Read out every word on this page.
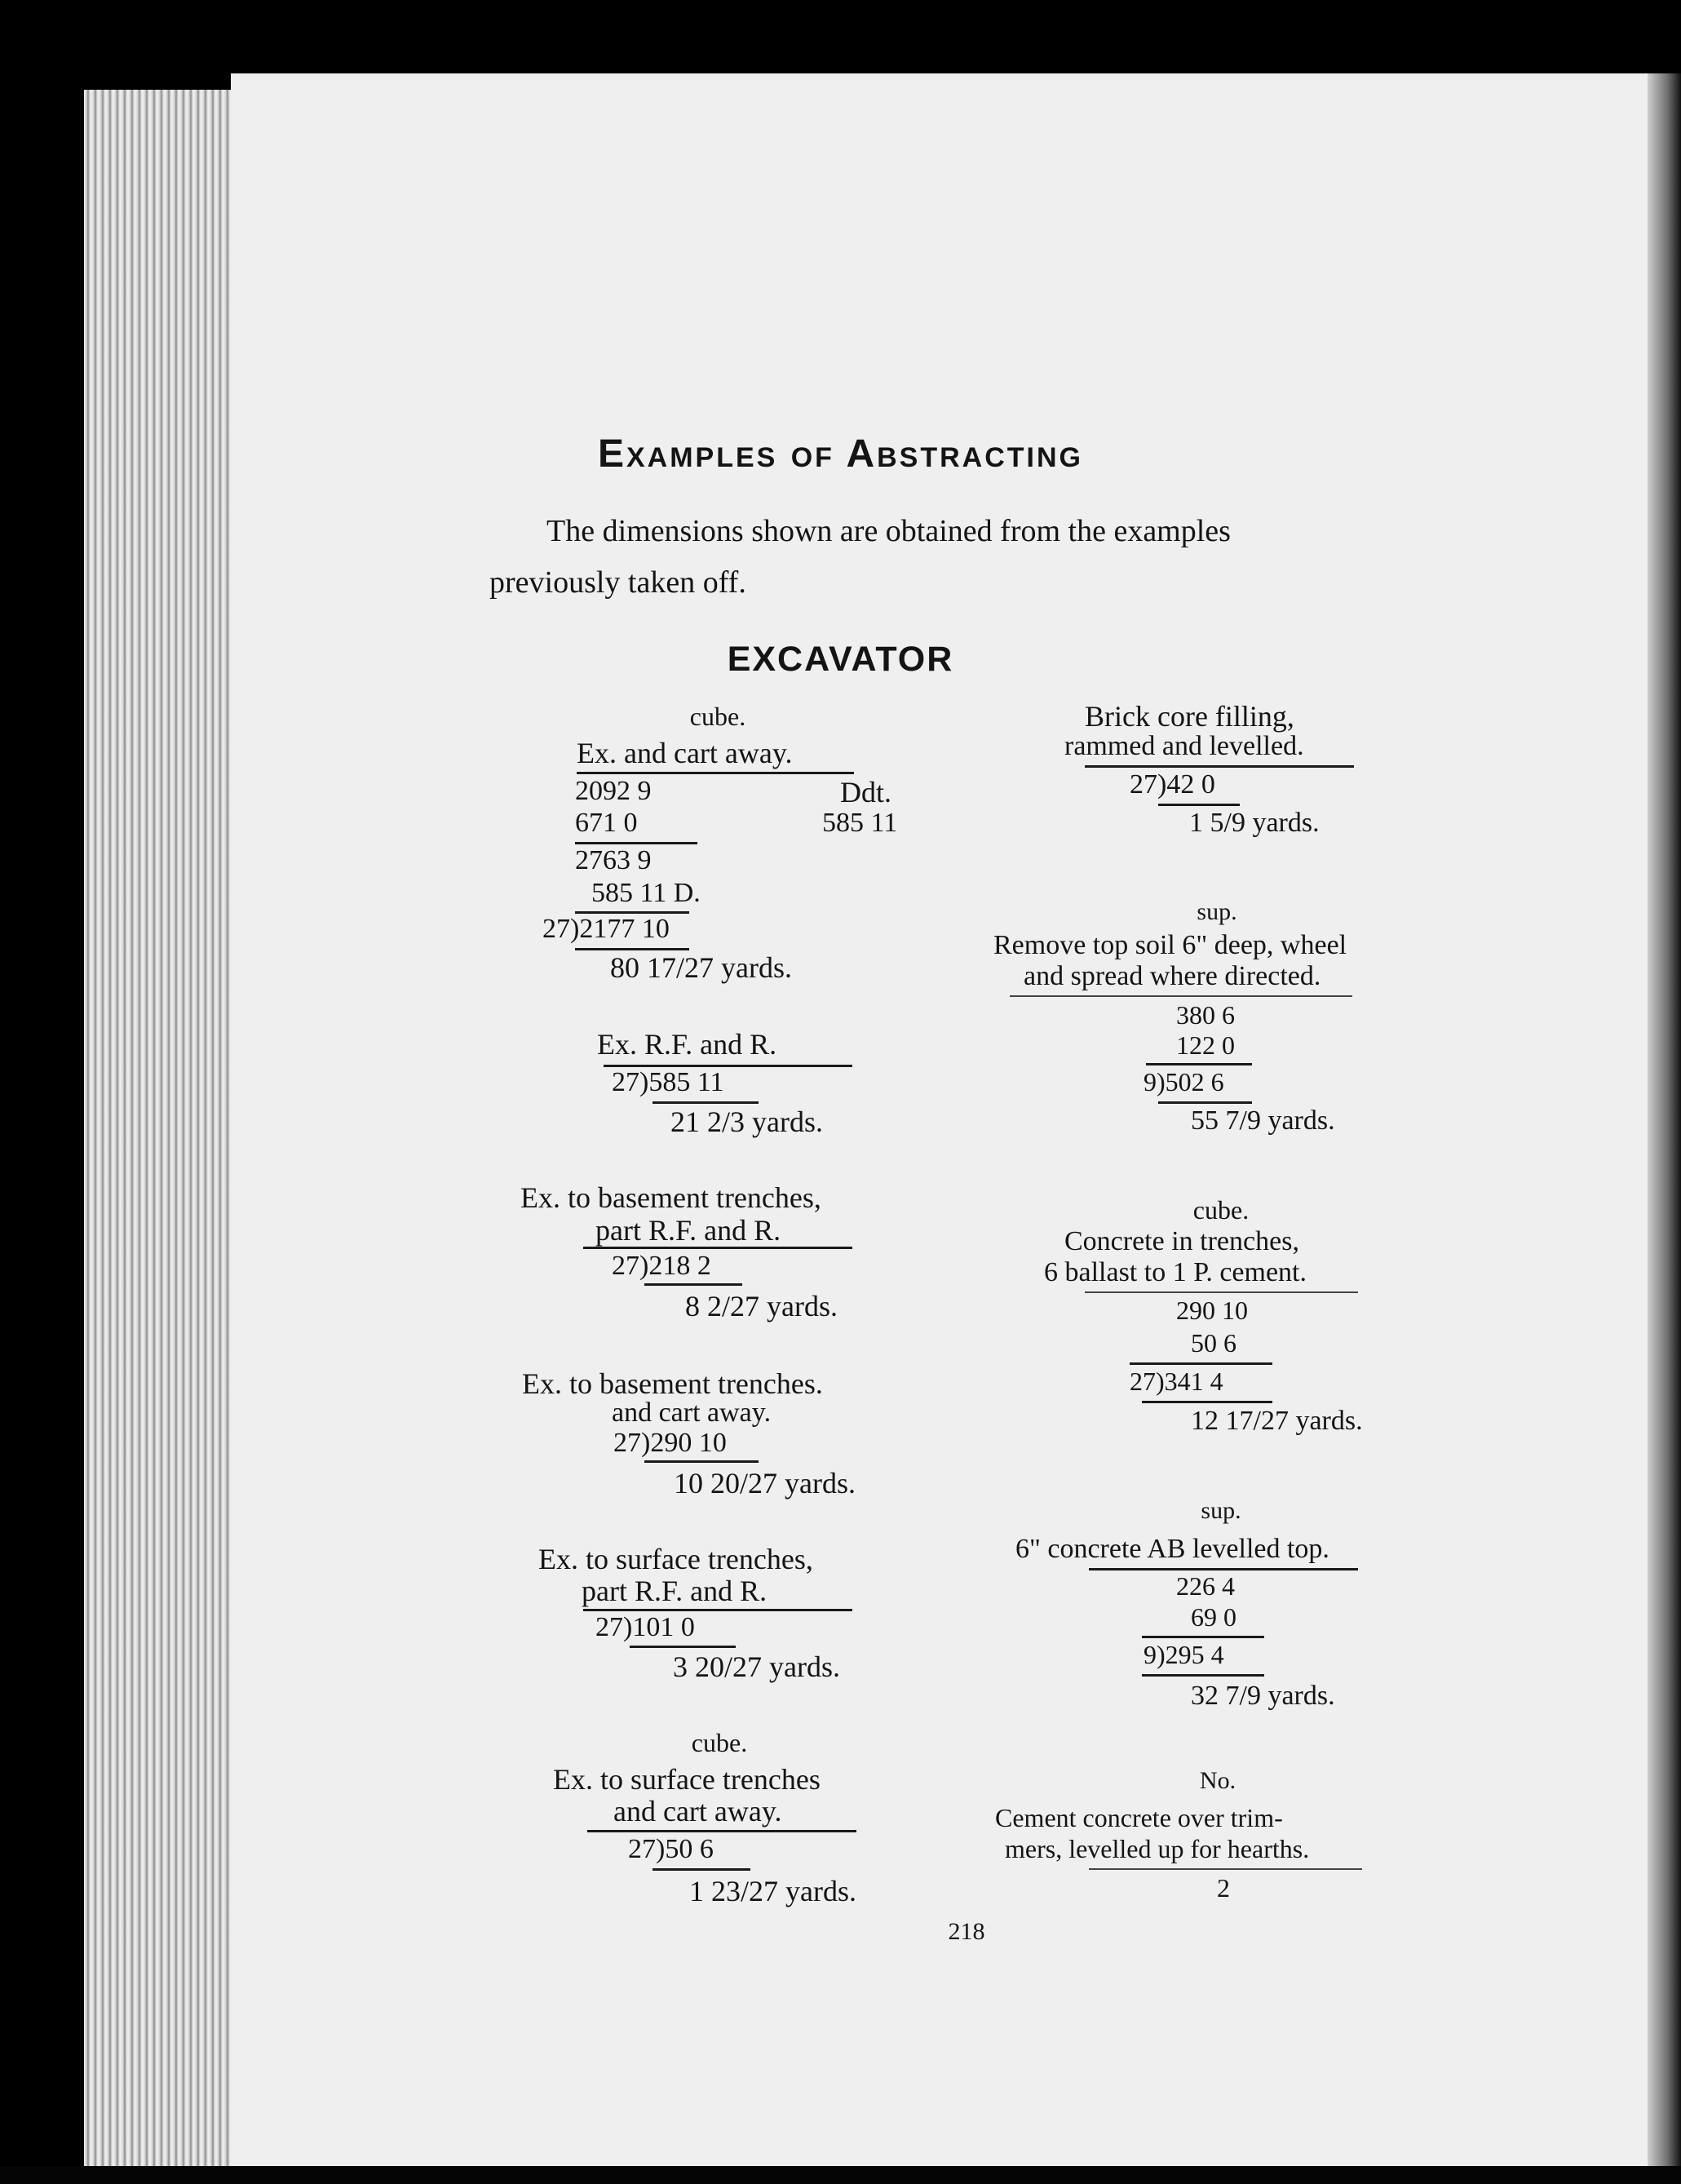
Examples of Abstracting
The dimensions shown are obtained from the examples
previously taken off.
EXCAVATOR
cube.
Ex. and cart away.
2092 9	Ddt.
671 0	585 11
2763 9
585 11 D.
27)2177 10
80 17/27 yards.
Ex. R.F. and R.
27)585 11
21 2/3 yards.
Ex. to basement trenches,
part R.F. and R.
27)218 2
8 2/27 yards.
Ex. to basement trenches.
and cart away.
27)290 10
10 20/27 yards.
Ex. to surface trenches,
part R.F. and R.
27)101 0
3 20/27 yards.
cube.
Ex. to surface trenches
and cart away.
27)50 6
1 23/27 yards.
Brick core filling,
rammed and levelled.
27)42 0
1 5/9 yards.
sup.
Remove top soil 6" deep, wheel
and spread where directed.
380 6
122 0
9)502 6
55 7/9 yards.
cube.
Concrete in trenches,
6 ballast to 1 P. cement.
290 10
50 6
27)341 4
12 17/27 yards.
sup.
6" concrete AB levelled top.
226 4
69 0
9)295 4
32 7/9 yards.
No.
Cement concrete over trim-
mers, levelled up for hearths.
2
218
